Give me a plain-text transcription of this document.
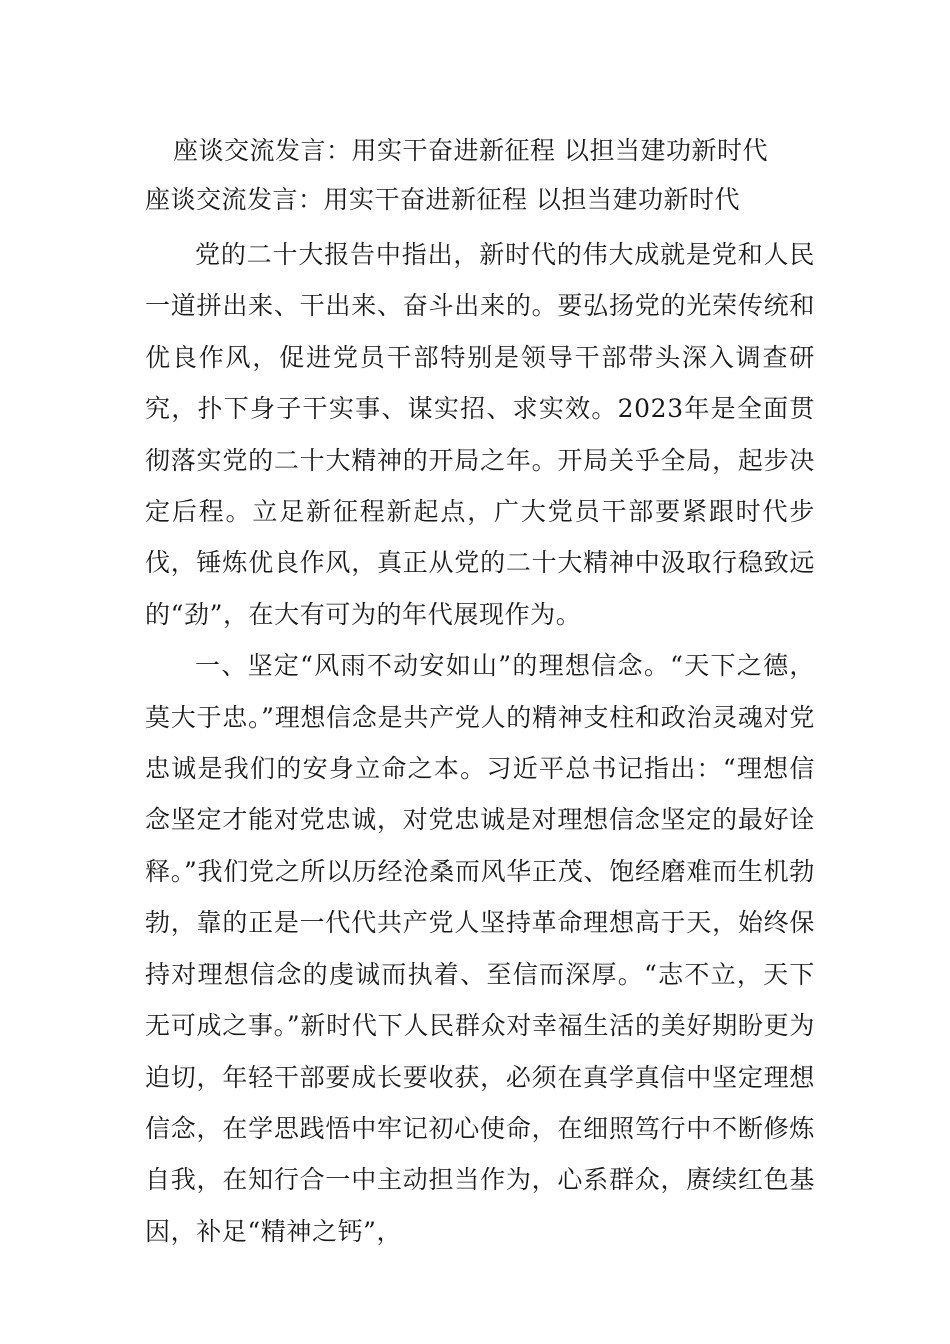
座谈交流发言：用实干奋进新征程 以担当建功新时代
座谈交流发言：用实干奋进新征程 以担当建功新时代

党的二十大报告中指出，新时代的伟大成就是党和人民一道拼出来、干出来、奋斗出来的。要弘扬党的光荣传统和优良作风，促进党员干部特别是领导干部带头深入调查研究，扑下身子干实事、谋实招、求实效。2023年是全面贯彻落实党的二十大精神的开局之年。开局关乎全局，起步决定后程。立足新征程新起点，广大党员干部要紧跟时代步伐，锤炼优良作风，真正从党的二十大精神中汲取行稳致远的“劲”，在大有可为的年代展现作为。

一、坚定“风雨不动安如山”的理想信念。“天下之德，莫大于忠。”理想信念是共产党人的精神支柱和政治灵魂对党忠诚是我们的安身立命之本。习近平总书记指出：“理想信念坚定才能对党忠诚，对党忠诚是对理想信念坚定的最好诠释。”我们党之所以历经沧桑而风华正茂、饱经磨难而生机勃勃，靠的正是一代代共产党人坚持革命理想高于天，始终保持对理想信念的虔诚而执着、至信而深厚。“志不立，天下无可成之事。”新时代下人民群众对幸福生活的美好期盼更为迫切，年轻干部要成长要收获，必须在真学真信中坚定理想信念，在学思践悟中牢记初心使命，在细照笃行中不断修炼自我，在知行合一中主动担当作为，心系群众，赓续红色基因，补足“精神之钙”，
